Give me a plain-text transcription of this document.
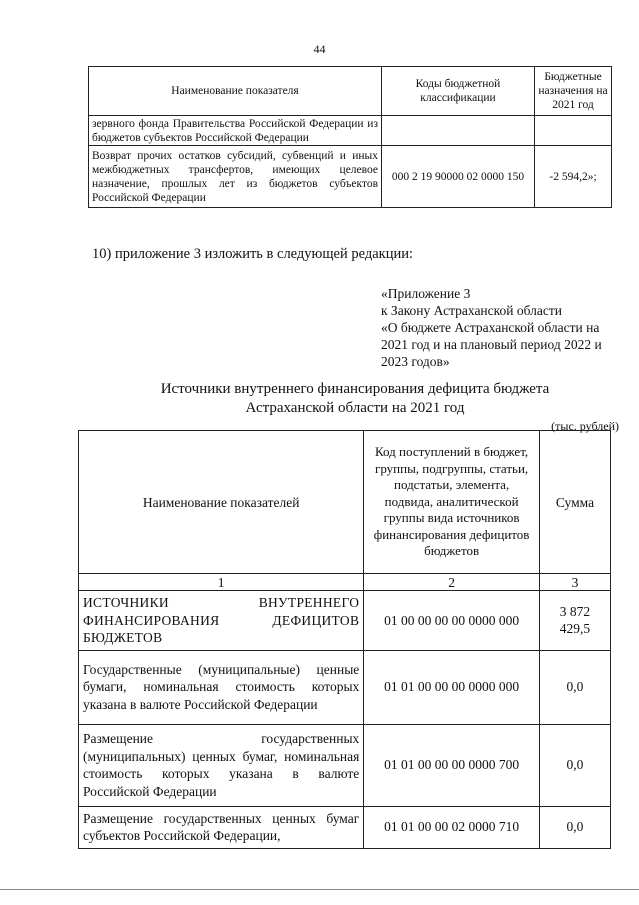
44
Наименование показателя	Коды бюджетной классификации	Бюджетные назначения на 2021 год
зервного фонда Правительства Российской Федерации из бюджетов субъектов Российской Федерации		
Возврат прочих остатков субсидий, субвенций и иных межбюджетных трансфертов, имеющих целевое назначение, прошлых лет из бюджетов субъектов Российской Федерации	000 2 19 90000 02 0000 150	-2 594,2»;
10) приложение 3 изложить в следующей редакции:
«Приложение 3
к Закону Астраханской области
«О бюджете Астраханской области на 2021 год и на плановый период 2022 и 2023 годов»
Источники внутреннего финансирования дефицита бюджета
Астраханской области на 2021 год
(тыс. рублей)
Наименование показателей	Код поступлений в бюджет, группы, подгруппы, статьи, подстатьи, элемента, подвида, аналитической группы вида источников финансирования дефицитов бюджетов	Сумма
1	2	3
ИСТОЧНИКИ ВНУТРЕННЕГО ФИНАНСИРОВАНИЯ ДЕФИЦИТОВ БЮДЖЕТОВ	01 00 00 00 00 0000 000	3 872 429,5
Государственные (муниципальные) ценные бумаги, номинальная стоимость которых указана в валюте Российской Федерации	01 01 00 00 00 0000 000	0,0
Размещение государственных (муниципальных) ценных бумаг, номинальная стоимость которых указана в валюте Российской Федерации	01 01 00 00 00 0000 700	0,0
Размещение государственных ценных бумаг субъектов Российской Федерации,	01 01 00 00 02 0000 710	0,0
